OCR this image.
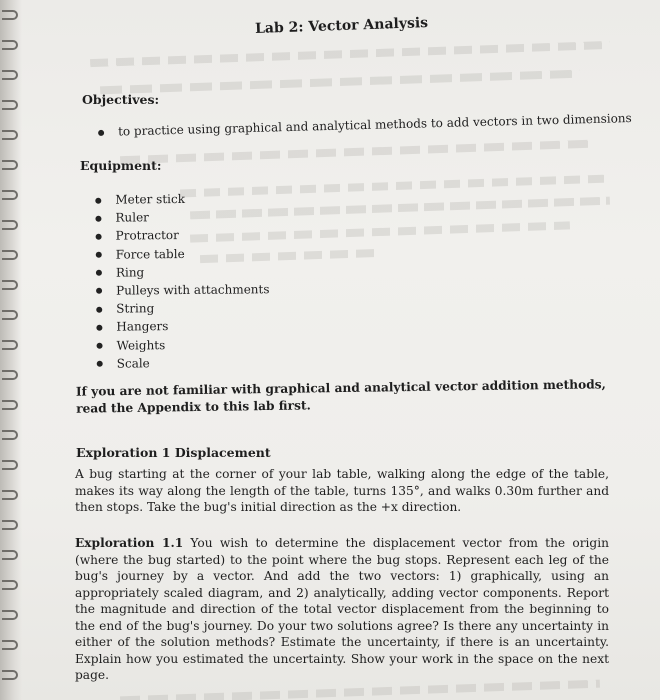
Lab 2: Vector Analysis
Objectives:
to practice using graphical and analytical methods to add vectors in two dimensions
Equipment:
Meter stick
Ruler
Protractor
Force table
Ring
Pulleys with attachments
String
Hangers
Weights
Scale
If you are not familiar with graphical and analytical vector addition methods, read the Appendix to this lab first.
Exploration 1 Displacement
A bug starting at the corner of your lab table, walking along the edge of the table, makes its way along the length of the table, turns 135°, and walks 0.30m further and then stops. Take the bug's initial direction as the +x direction.
Exploration 1.1 You wish to determine the displacement vector from the origin (where the bug started) to the point where the bug stops. Represent each leg of the bug's journey by a vector. And add the two vectors: 1) graphically, using an appropriately scaled diagram, and 2) analytically, adding vector components. Report the magnitude and direction of the total vector displacement from the beginning to the end of the bug's journey. Do your two solutions agree? Is there any uncertainty in either of the solution methods? Estimate the uncertainty, if there is an uncertainty. Explain how you estimated the uncertainty. Show your work in the space on the next page.
